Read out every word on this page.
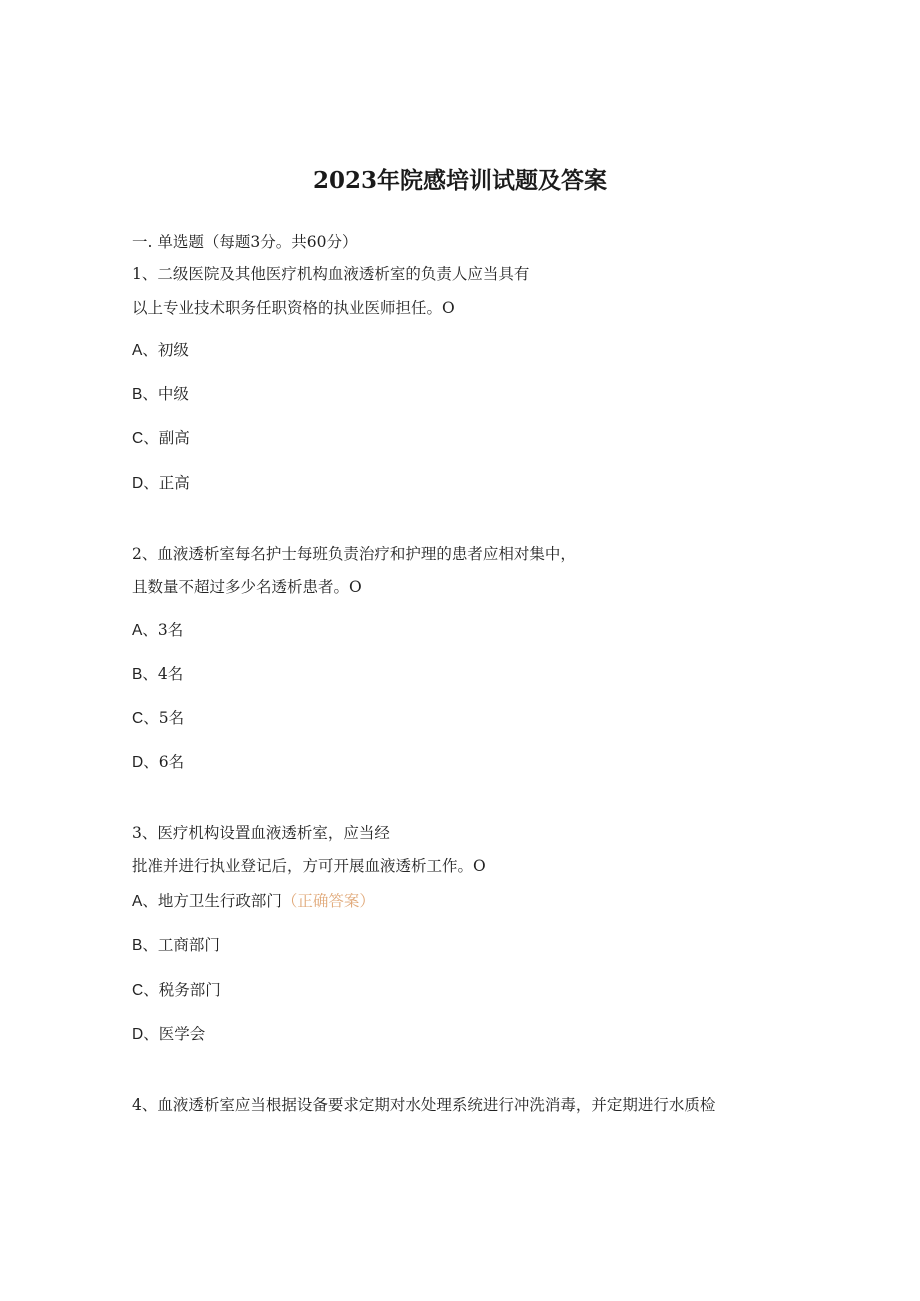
2023年院感培训试题及答案
一. 单选题（每题3分。共60分）
1、二级医院及其他医疗机构血液透析室的负责人应当具有
以上专业技术职务任职资格的执业医师担任。O
A、初级
B、中级
C、副高
D、正高
2、血液透析室每名护士每班负责治疗和护理的患者应相对集中，
且数量不超过多少名透析患者。O
A、3名
B、4名
C、5名
D、6名
3、医疗机构设置血液透析室，应当经
批准并进行执业登记后，方可开展血液透析工作。O
A、地方卫生行政部门（正确答案）
B、工商部门
C、税务部门
D、医学会
4、血液透析室应当根据设备要求定期对水处理系统进行冲洗消毒，并定期进行水质检
